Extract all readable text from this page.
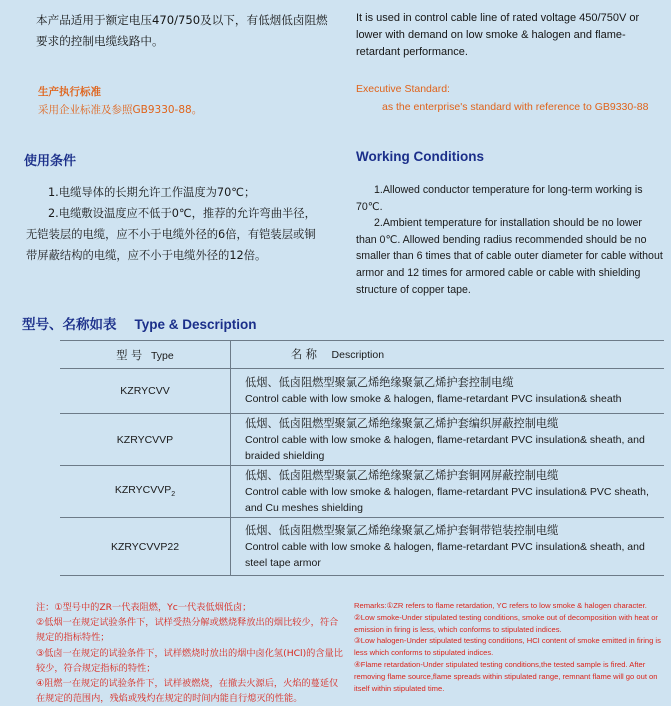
本产品适用于额定电压470/750及以下，有低烟低卤阻燃要求的控制电缆线路中。
It is used in control cable line of rated voltage 450/750V or lower with demand on low smoke & halogen and flame-retardant performance.
生产执行标准
采用企业标准及参照GB9330-88。
Executive Standard:
as the enterprise's standard with reference to GB9330-88
使用条件	Working Conditions

1.电缆导体的长期允许工作温度为70℃；

2.电缆敷设温度应不低于0℃，推荐的允许弯曲半径，无铠装层的电缆，应不小于电缆外径的6倍，有铠装层或铜带屏蔽结构的电缆，应不小于电缆外径的12倍。

1.Allowed conductor temperature for long-term working is 70℃.

2.Ambient temperature for installation should be no lower than 0℃. Allowed bending radius recommended should be no smaller than 6 times that of cable outer diameter for cable without armor and 12 times for armored cable or cable with shielding structure of copper tape.

型号、名称如表 Type & Description
型 号 Type	名 称 Description
KZRYCVV	低烟、低卤阻燃型聚氯乙烯绝缘聚氯乙烯护套控制电缆
Control cable with low smoke & halogen, flame-retardant PVC insulation& sheath

KZRYCVVP	低烟、低卤阻燃型聚氯乙烯绝缘聚氯乙烯护套编织屏蔽控制电缆
Control cable with low smoke & halogen, flame-retardant PVC insulation& sheath, and braided shielding

$KZRYCVVP_2$	低烟、低卤阻燃型聚氯乙烯绝缘聚氯乙烯护套铜网屏蔽控制电缆
Control cable with low smoke & halogen, flame-retardant PVC insulation& PVC sheath, and Cu meshes shielding

KZRYCVVP22	低烟、低卤阻燃型聚氯乙烯绝缘聚氯乙烯护套铜带铠装控制电缆
Control cable with low smoke & halogen, flame-retardant PVC insulation& sheath, and steel tape armor

注：①型号中的ZR一代表阻燃，Yc一代表低烟低卤；

②低烟一在规定试验条件下，试样受热分解或燃烧释放出的烟比较少，符合规定的指标特性；

③低卤一在规定的试验条件下，试样燃烧时放出的烟中卤化氢(HCl)的含量比较少，符合规定指标的特性；

④阻燃一在规定的试验条件下，试样被燃烧，在撤去火源后，火焰的蔓延仅在规定的范围内，残焰或残灼在规定的时间内能自行熄灭的性能。

Remarks:①ZR refers to flame retardation, YC refers to low smoke & halogen character.

②Low smoke-Under stipulated testing conditions, smoke out of decomposition with heat or emission in firing is less, which conforms to stipulated indices.

③Low halogen-Under stipulated testing conditions, HCI content of smoke emitted in firing is less which conforms to stipulated indices.

④Flame retardation-Under stipulated testing conditions,the tested sample is fired. After removing flame source,flame spreads within stipulated range, remnant flame will go out on itself within stipulated time.
